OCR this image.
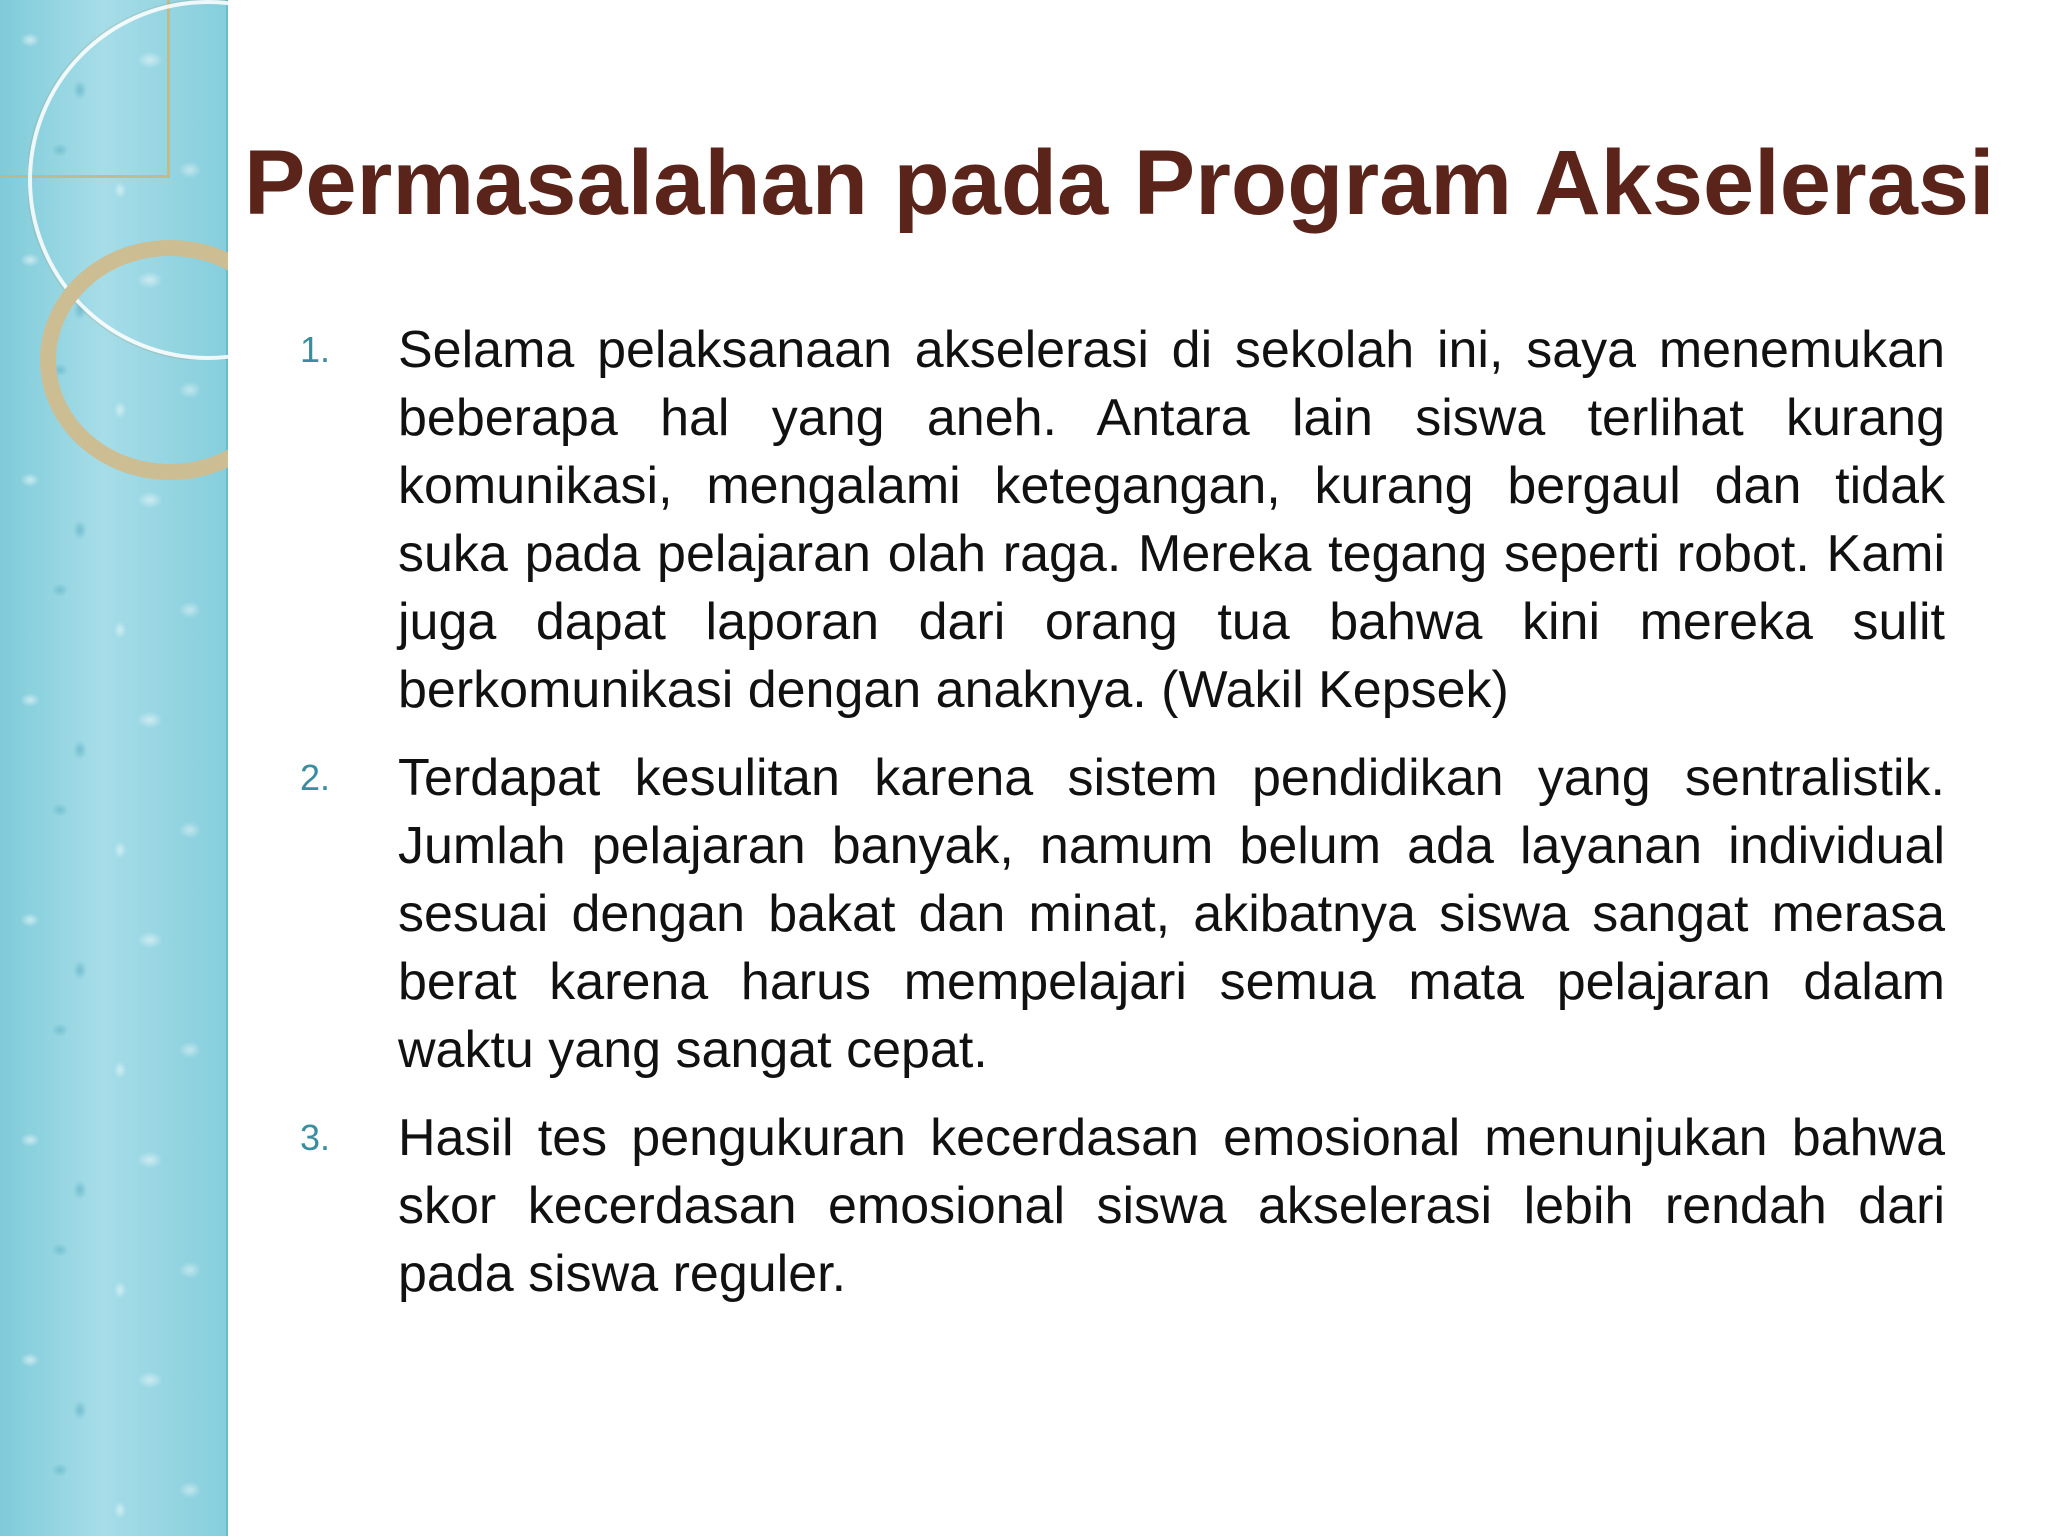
Permasalahan pada Program Akselerasi
1.	Selama pelaksanaan akselerasi di sekolah ini, saya menemukan beberapa hal yang aneh. Antara lain siswa terlihat kurang komunikasi, mengalami ketegangan, kurang bergaul dan tidak suka pada pelajaran olah raga. Mereka tegang seperti robot. Kami juga dapat laporan dari orang tua bahwa kini mereka sulit berkomunikasi dengan anaknya. (Wakil Kepsek)
2.	Terdapat kesulitan karena sistem pendidikan yang sentralistik. Jumlah pelajaran banyak, namum belum ada layanan individual sesuai dengan bakat dan minat, akibatnya siswa sangat merasa berat karena harus mempelajari semua mata pelajaran dalam waktu yang sangat cepat.
3.	Hasil tes pengukuran kecerdasan emosional menunjukan bahwa skor kecerdasan emosional siswa akselerasi lebih rendah dari pada siswa reguler.
